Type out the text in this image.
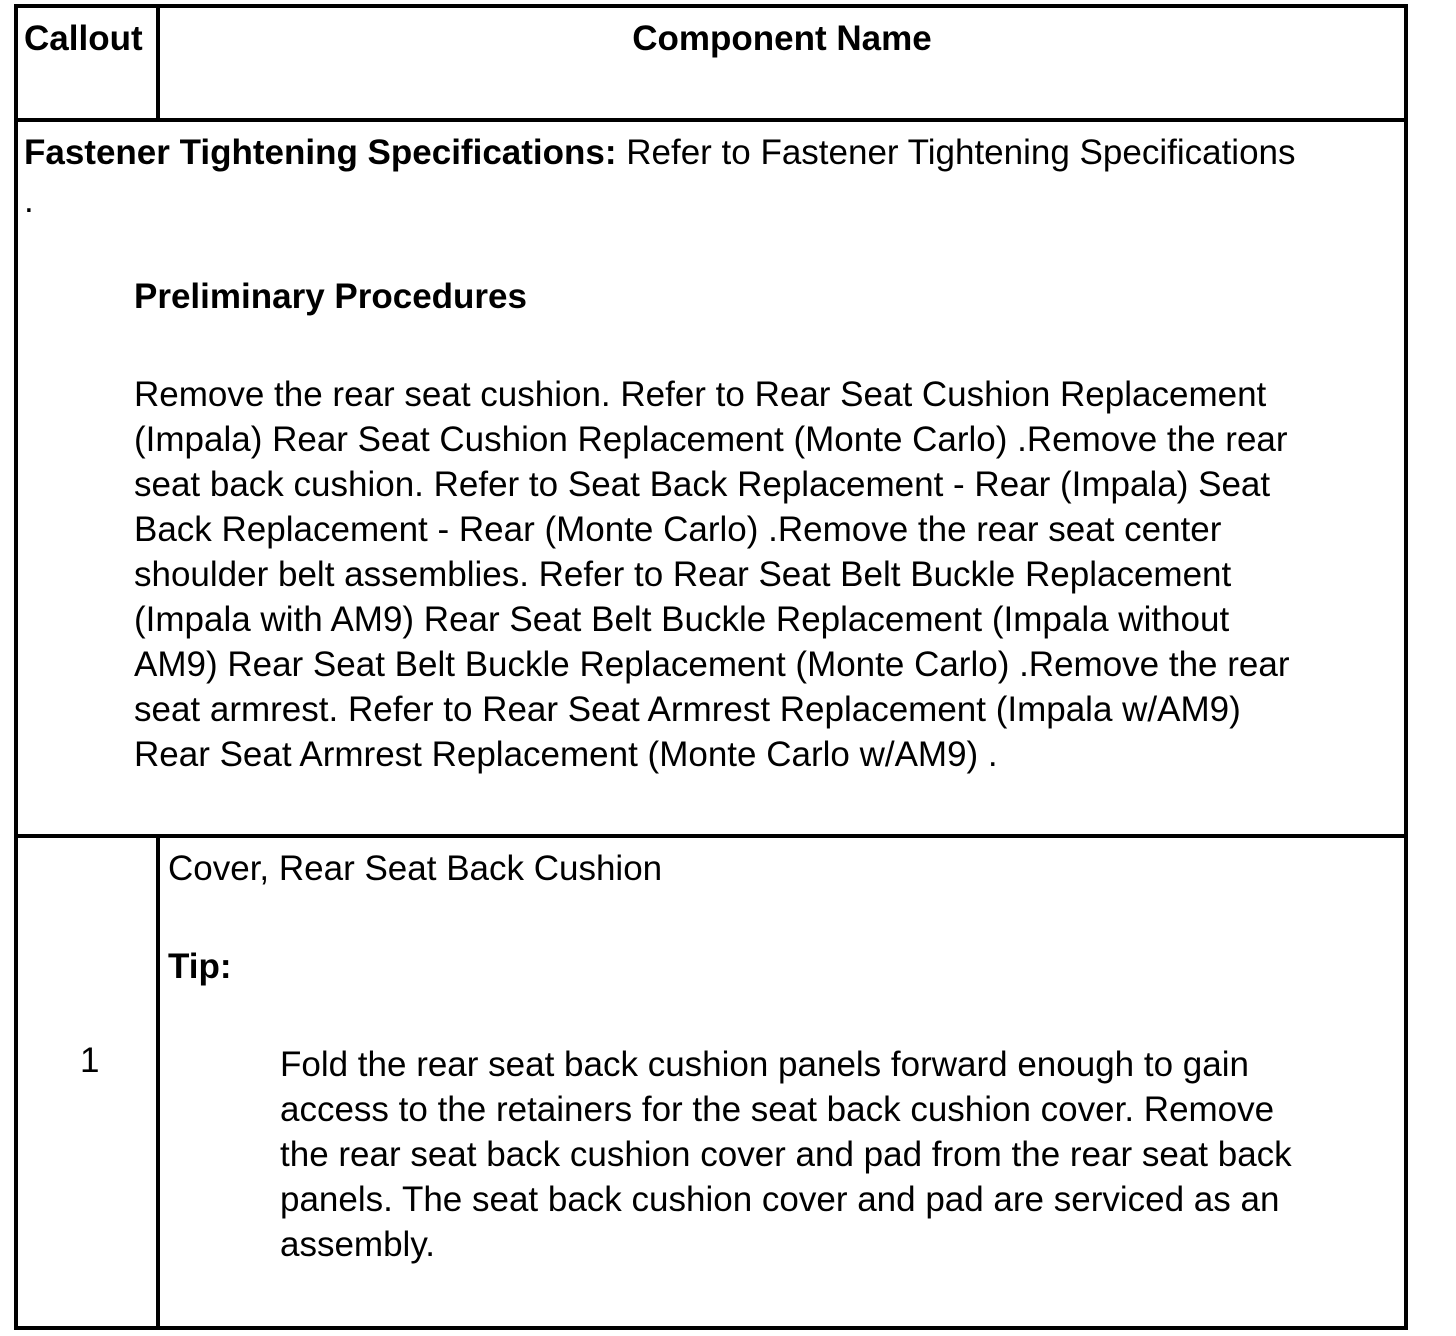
Callout	Component Name
Fastener Tightening Specifications: Refer to Fastener Tightening Specifications
.
Preliminary Procedures
Remove the rear seat cushion. Refer to Rear Seat Cushion Replacement
(Impala) Rear Seat Cushion Replacement (Monte Carlo) .Remove the rear
seat back cushion. Refer to Seat Back Replacement - Rear (Impala) Seat
Back Replacement - Rear (Monte Carlo) .Remove the rear seat center
shoulder belt assemblies. Refer to Rear Seat Belt Buckle Replacement
(Impala with AM9) Rear Seat Belt Buckle Replacement (Impala without
AM9) Rear Seat Belt Buckle Replacement (Monte Carlo) .Remove the rear
seat armrest. Refer to Rear Seat Armrest Replacement (Impala w/AM9)
Rear Seat Armrest Replacement (Monte Carlo w/AM9) .
1
Cover, Rear Seat Back Cushion
Tip:
Fold the rear seat back cushion panels forward enough to gain
access to the retainers for the seat back cushion cover. Remove
the rear seat back cushion cover and pad from the rear seat back
panels. The seat back cushion cover and pad are serviced as an
assembly.
